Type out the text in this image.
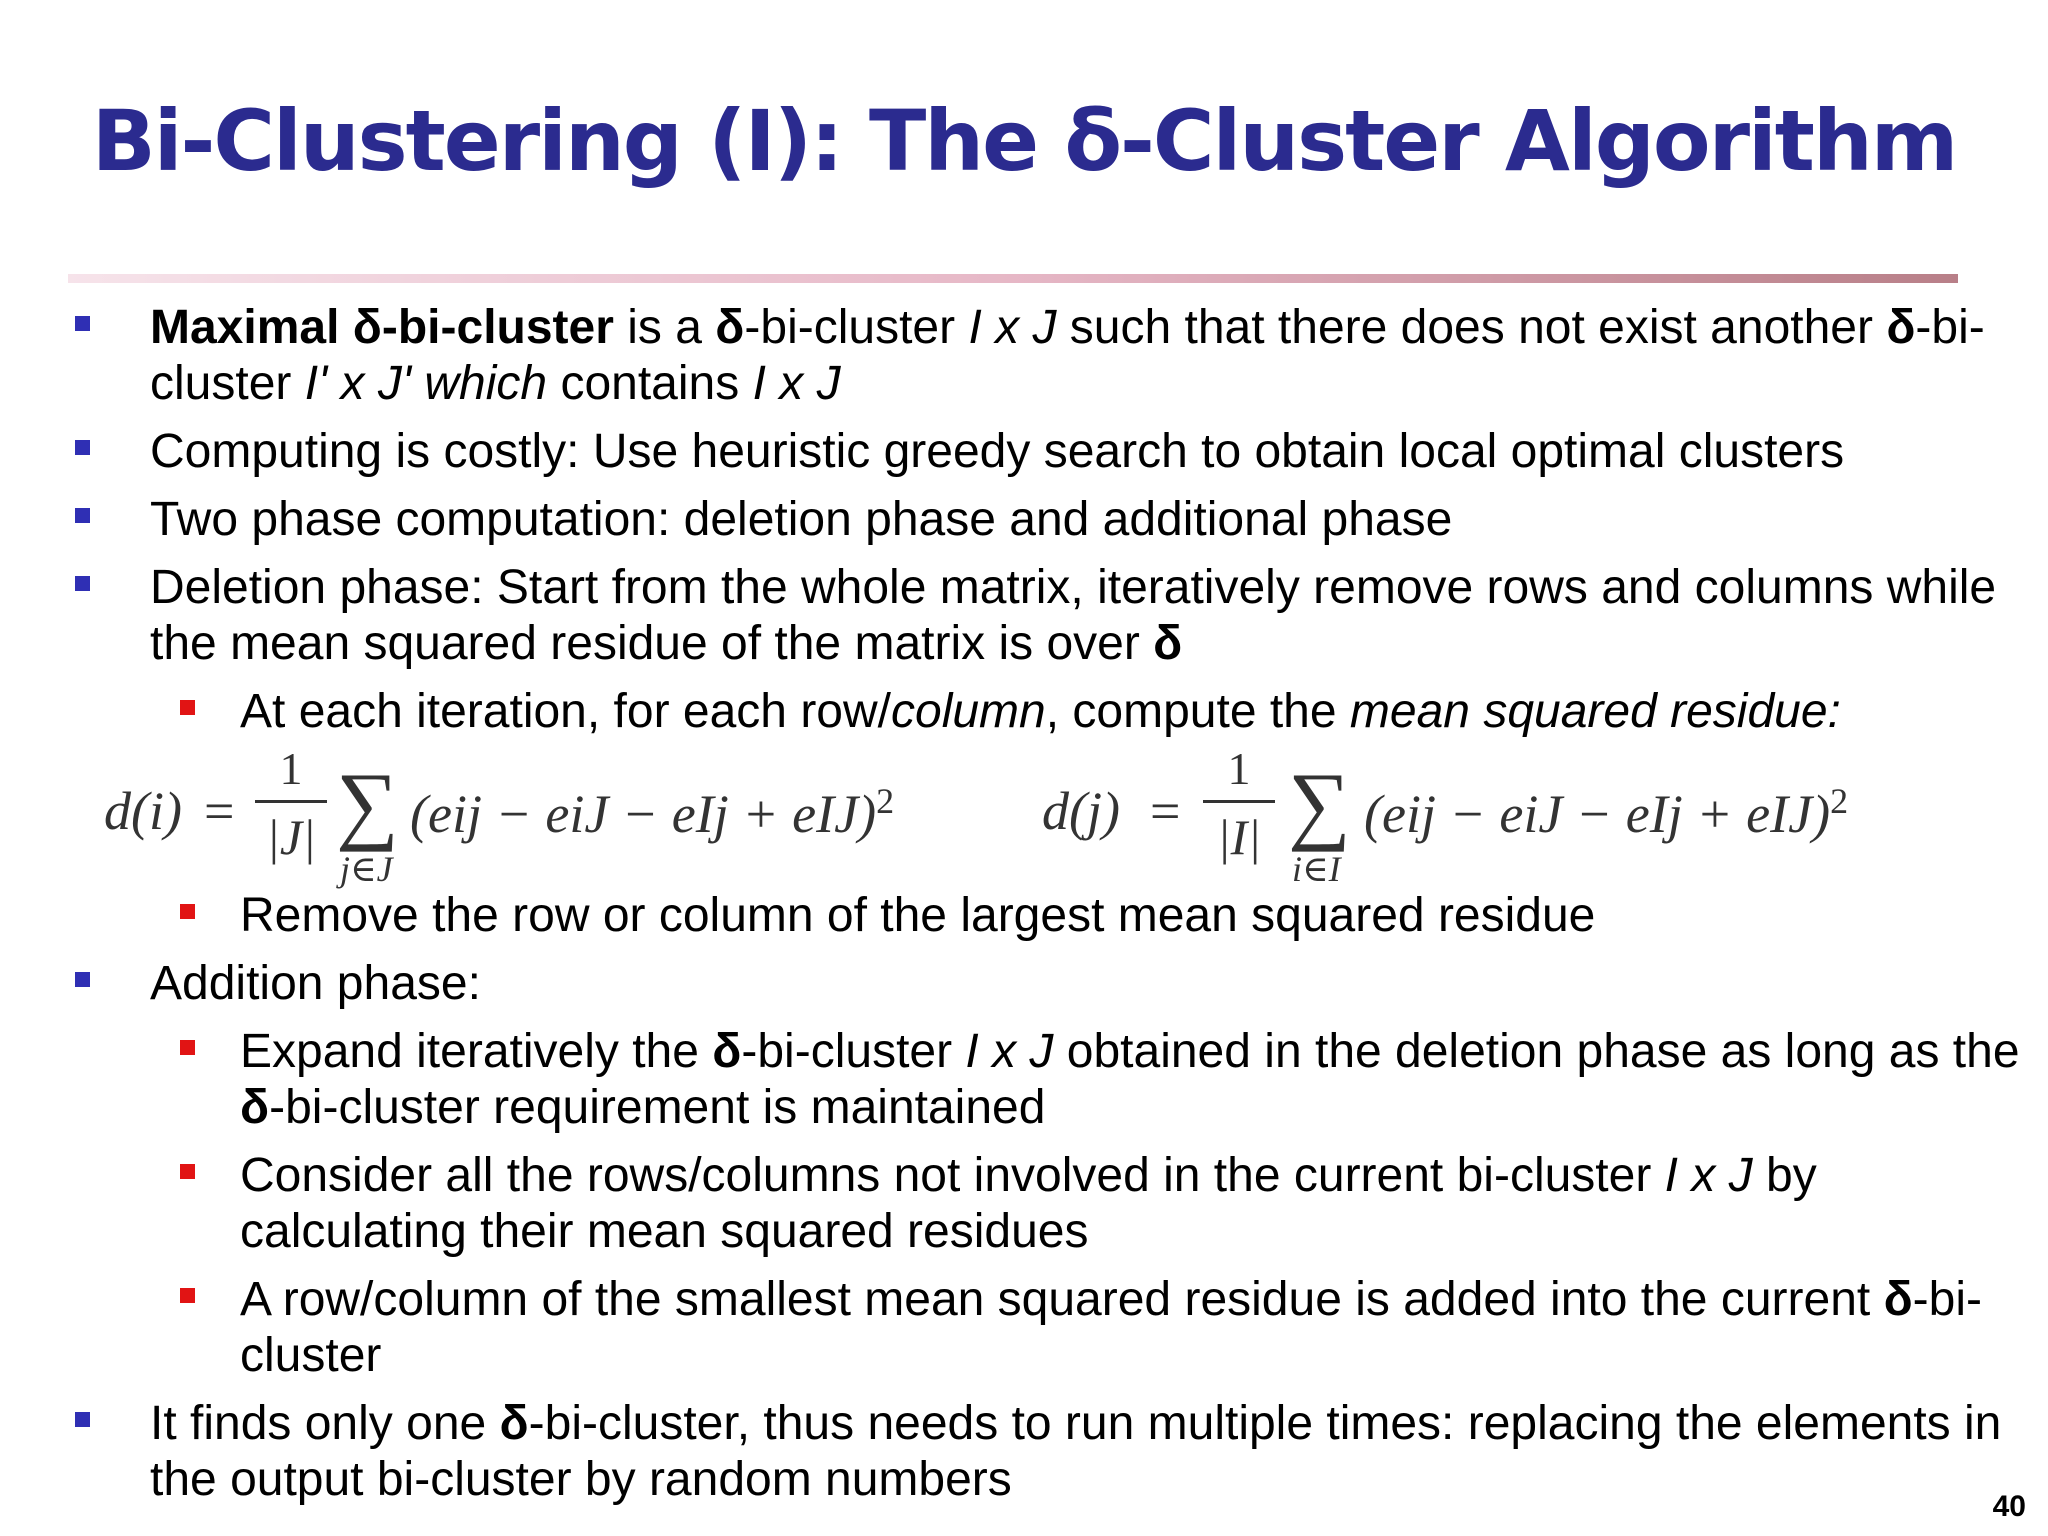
Bi-Clustering (I): The δ-Cluster Algorithm
Maximal δ-bi-cluster is a δ-bi-cluster I x J such that there does not exist another δ-bi-cluster I' x J' which contains I x J
Computing is costly: Use heuristic greedy search to obtain local optimal clusters
Two phase computation: deletion phase and additional phase
Deletion phase: Start from the whole matrix, iteratively remove rows and columns while the mean squared residue of the matrix is over δ
At each iteration, for each row/column, compute the mean squared residue:
d(i) =
1
|J| ∑
j∈J
(eij − eiJ − eIj + eIJ)$^2$	d(j) =
1
|I| ∑
i∈I
(eij − eiJ − eIj + eIJ)$^2$
Remove the row or column of the largest mean squared residue
Addition phase:
Expand iteratively the δ-bi-cluster I x J obtained in the deletion phase as long as the δ-bi-cluster requirement is maintained
Consider all the rows/columns not involved in the current bi-cluster I x J by calculating their mean squared residues
A row/column of the smallest mean squared residue is added into the current δ-bi-cluster
It finds only one δ-bi-cluster, thus needs to run multiple times: replacing the elements in the output bi-cluster by random numbers
40
